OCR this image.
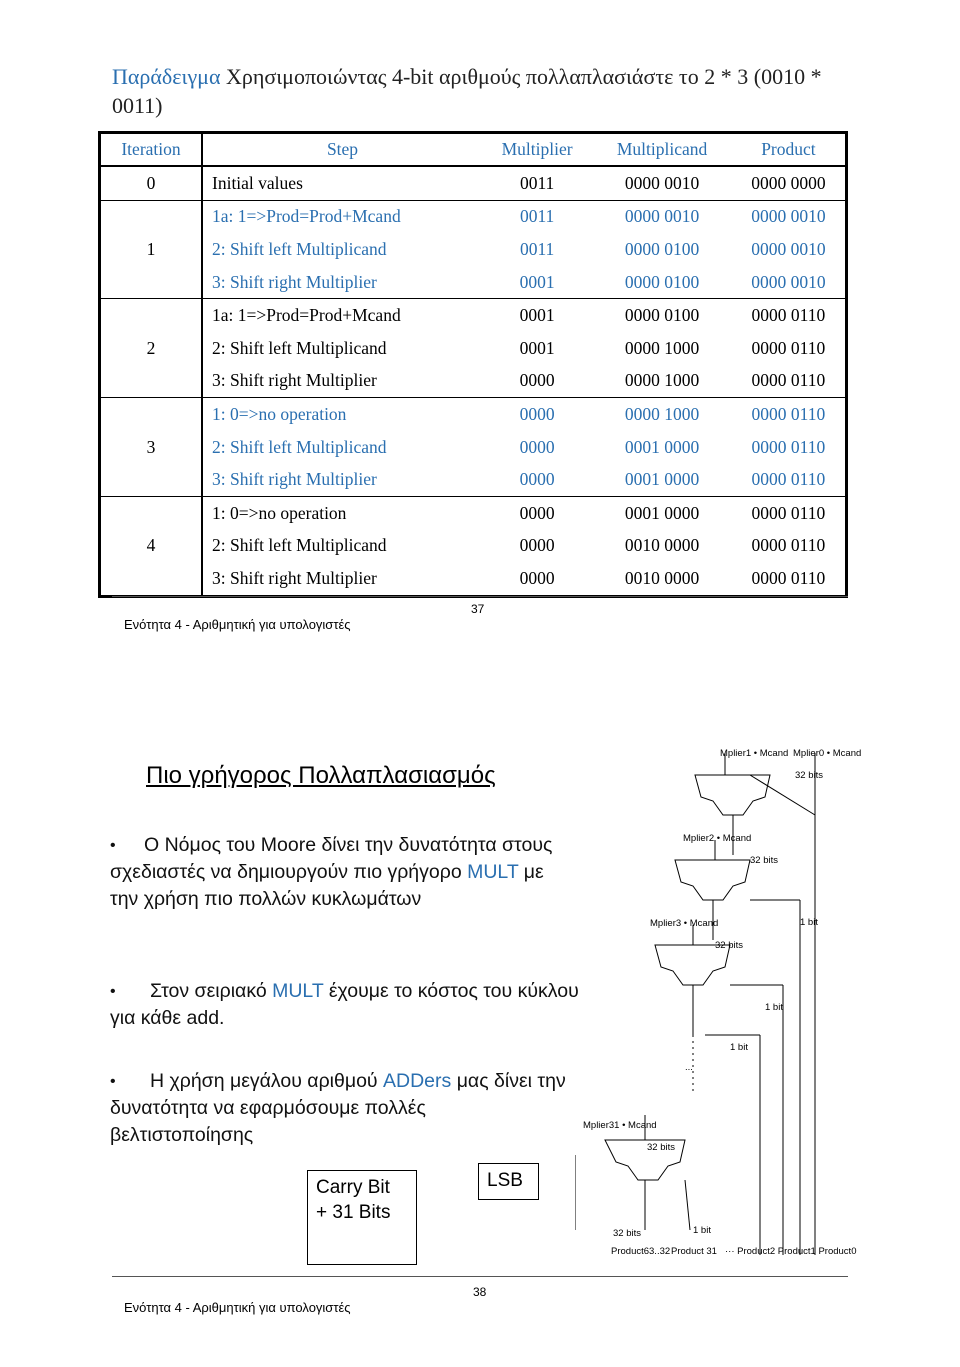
Παράδειγμα Χρησιμοποιώντας 4-bit αριθμούς πολλαπλασιάστε το 2 * 3 (0010 * 0011)
Iteration	Step	Multiplier	Multiplicand	Product
0	Initial values	0011	0000 0010	0000 0000
	1a: 1=>Prod=Prod+Mcand	0011	0000 0010	0000 0010
1	2: Shift left Multiplicand	0011	0000 0100	0000 0010
	3: Shift right Multiplier	0001	0000 0100	0000 0010
	1a: 1=>Prod=Prod+Mcand	0001	0000 0100	0000 0110
2	2: Shift left Multiplicand	0001	0000 1000	0000 0110
	3: Shift right Multiplier	0000	0000 1000	0000 0110
	1: 0=>no operation	0000	0000 1000	0000 0110
3	2: Shift left Multiplicand	0000	0001 0000	0000 0110
	3: Shift right Multiplier	0000	0001 0000	0000 0110
	1: 0=>no operation	0000	0001 0000	0000 0110
4	2: Shift left Multiplicand	0000	0010 0000	0000 0110
	3: Shift right Multiplier	0000	0010 0000	0000 0110
Ενότητα 4 - Αριθμητική για υπολογιστές
37
Πιο γρήγορος Πολλαπλασιασμός
• Ο Νόμος του Moore δίνει την δυνατότητα στους σχεδιαστές να δημιουργούν πιο γρήγορο MULT με την χρήση πιο πολλών κυκλωμάτων
• Στον σειριακό MULT έχουμε το κόστος του κύκλου για κάθε add.
• Η χρήση μεγάλου αριθμού ADDers μας δίνει την δυνατότητα να εφαρμόσουμε πολλές βελτιστοποίησης
Carry Bit
+ 31 Bits
LSB
Mplier1 • Mcand Mplier0 • Mcand
32 bits
Mplier2 • Mcand
32 bits
Mplier3 • Mcand	1 bit
32 bits
1 bit
1 bit
...
Mplier31 • Mcand
32 bits
32 bits	1 bit
Product63..32 Product 31 ··· Product2 Product1 Product0
Ενότητα 4 - Αριθμητική για υπολογιστές
38
